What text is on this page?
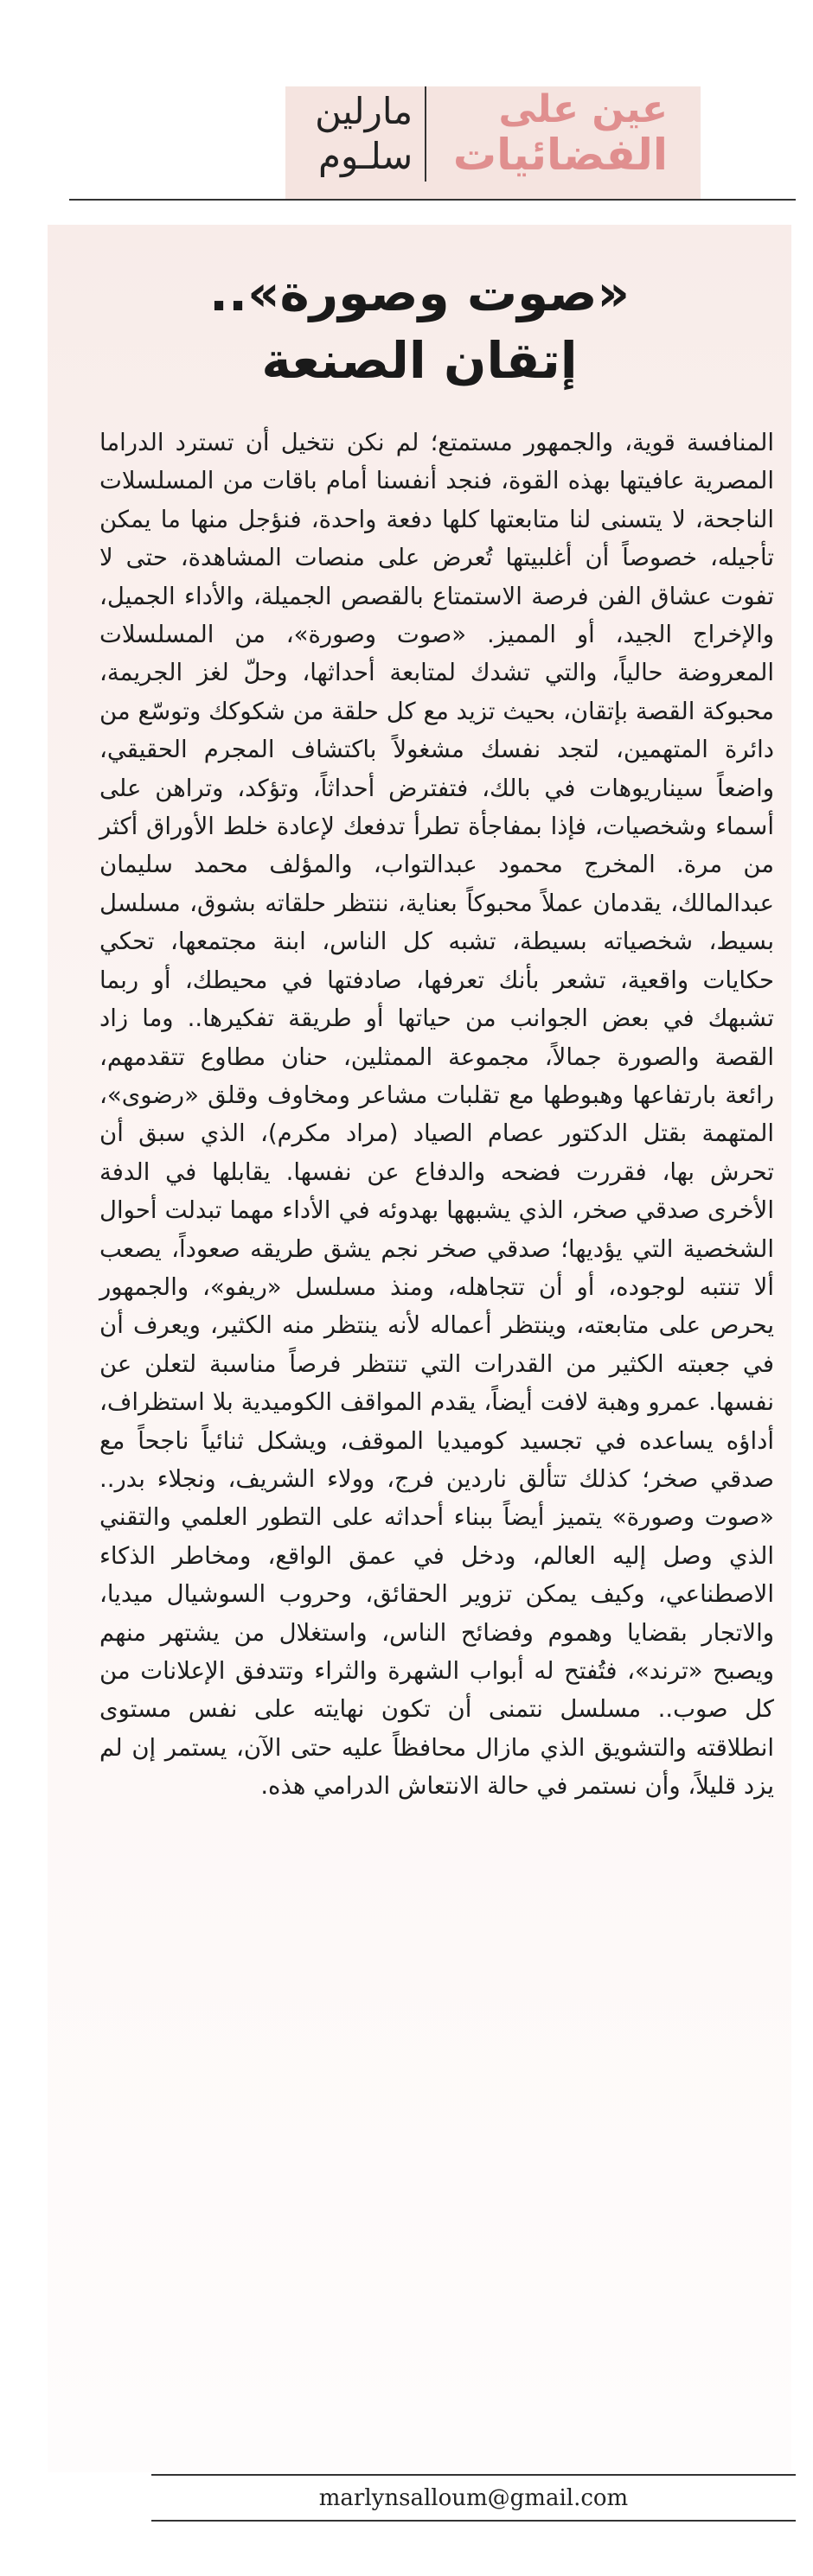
مارلين
سلـوم
عين على
الفضائيات
«صوت وصورة»..
إتقان الصنعة
المنافسة قوية، والجمهور مستمتع؛ لم نكن نتخيل أن تسترد الدراما المصرية عافيتها بهذه القوة، فنجد أنفسنا أمام باقات من المسلسلات الناجحة، لا يتسنى لنا متابعتها كلها دفعة واحدة، فنؤجل منها ما يمكن تأجيله، خصوصاً أن أغلبيتها تُعرض على منصات المشاهدة، حتى لا تفوت عشاق الفن فرصة الاستمتاع بالقصص الجميلة، والأداء الجميل، والإخراج الجيد، أو المميز. «صوت وصورة»، من المسلسلات المعروضة حالياً، والتي تشدك لمتابعة أحداثها، وحلّ لغز الجريمة، محبوكة القصة بإتقان، بحيث تزيد مع كل حلقة من شكوكك وتوسّع من دائرة المتهمين، لتجد نفسك مشغولاً باكتشاف المجرم الحقيقي، واضعاً سيناريوهات في بالك، فتفترض أحداثاً، وتؤكد، وتراهن على أسماء وشخصيات، فإذا بمفاجأة تطرأ تدفعك لإعادة خلط الأوراق أكثر من مرة. المخرج محمود عبدالتواب، والمؤلف محمد سليمان عبدالمالك، يقدمان عملاً محبوكاً بعناية، ننتظر حلقاته بشوق، مسلسل بسيط، شخصياته بسيطة، تشبه كل الناس، ابنة مجتمعها، تحكي حكايات واقعية، تشعر بأنك تعرفها، صادفتها في محيطك، أو ربما تشبهك في بعض الجوانب من حياتها أو طريقة تفكيرها.. وما زاد القصة والصورة جمالاً، مجموعة الممثلين، حنان مطاوع تتقدمهم، رائعة بارتفاعها وهبوطها مع تقلبات مشاعر ومخاوف وقلق «رضوى»، المتهمة بقتل الدكتور عصام الصياد (مراد مكرم)، الذي سبق أن تحرش بها، فقررت فضحه والدفاع عن نفسها. يقابلها في الدفة الأخرى صدقي صخر، الذي يشبهها بهدوئه في الأداء مهما تبدلت أحوال الشخصية التي يؤديها؛ صدقي صخر نجم يشق طريقه صعوداً، يصعب ألا تنتبه لوجوده، أو أن تتجاهله، ومنذ مسلسل «ريفو»، والجمهور يحرص على متابعته، وينتظر أعماله لأنه ينتظر منه الكثير، ويعرف أن في جعبته الكثير من القدرات التي تنتظر فرصاً مناسبة لتعلن عن نفسها. عمرو وهبة لافت أيضاً، يقدم المواقف الكوميدية بلا استظراف، أداؤه يساعده في تجسيد كوميديا الموقف، ويشكل ثنائياً ناجحاً مع صدقي صخر؛ كذلك تتألق ناردين فرج، وولاء الشريف، ونجلاء بدر.. «صوت وصورة» يتميز أيضاً ببناء أحداثه على التطور العلمي والتقني الذي وصل إليه العالم، ودخل في عمق الواقع، ومخاطر الذكاء الاصطناعي، وكيف يمكن تزوير الحقائق، وحروب السوشيال ميديا، والاتجار بقضايا وهموم وفضائح الناس، واستغلال من يشتهر منهم ويصبح «ترند»، فتُفتح له أبواب الشهرة والثراء وتتدفق الإعلانات من كل صوب.. مسلسل نتمنى أن تكون نهايته على نفس مستوى انطلاقته والتشويق الذي مازال محافظاً عليه حتى الآن، يستمر إن لم يزد قليلاً، وأن نستمر في حالة الانتعاش الدرامي هذه.
marlynsalloum@gmail.com
